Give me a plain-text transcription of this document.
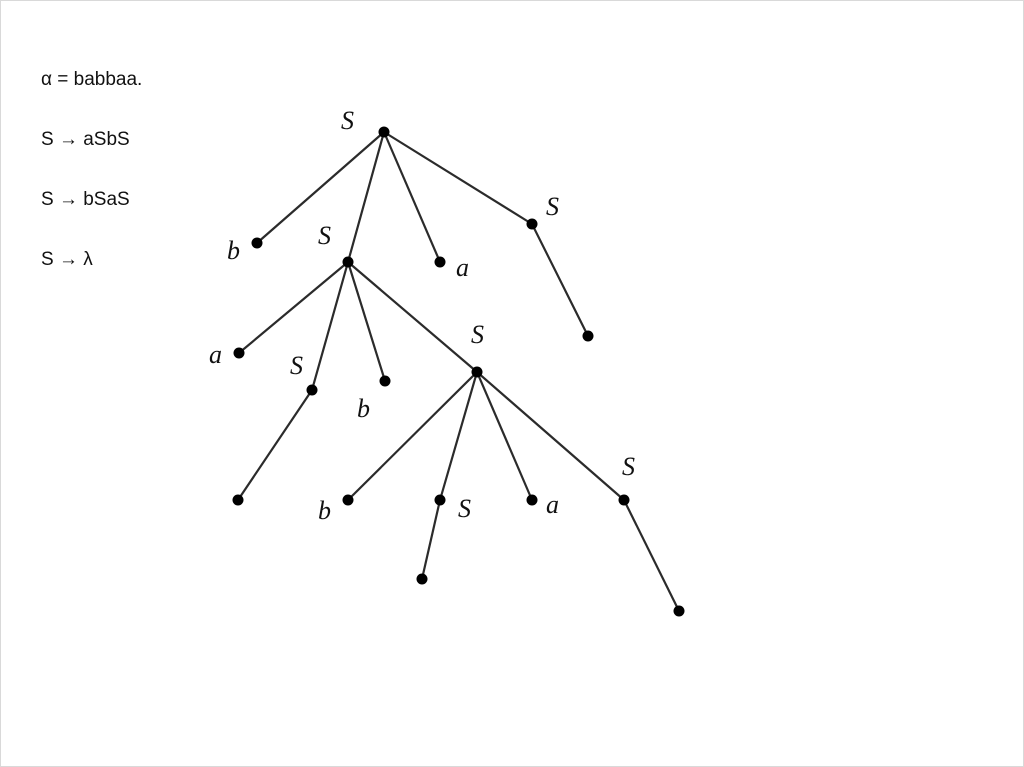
α = babbaa.
S → aSbS
S → bSaS
S → λ
S
b
S
a
S
a	S
b
S
b	S	a
S
